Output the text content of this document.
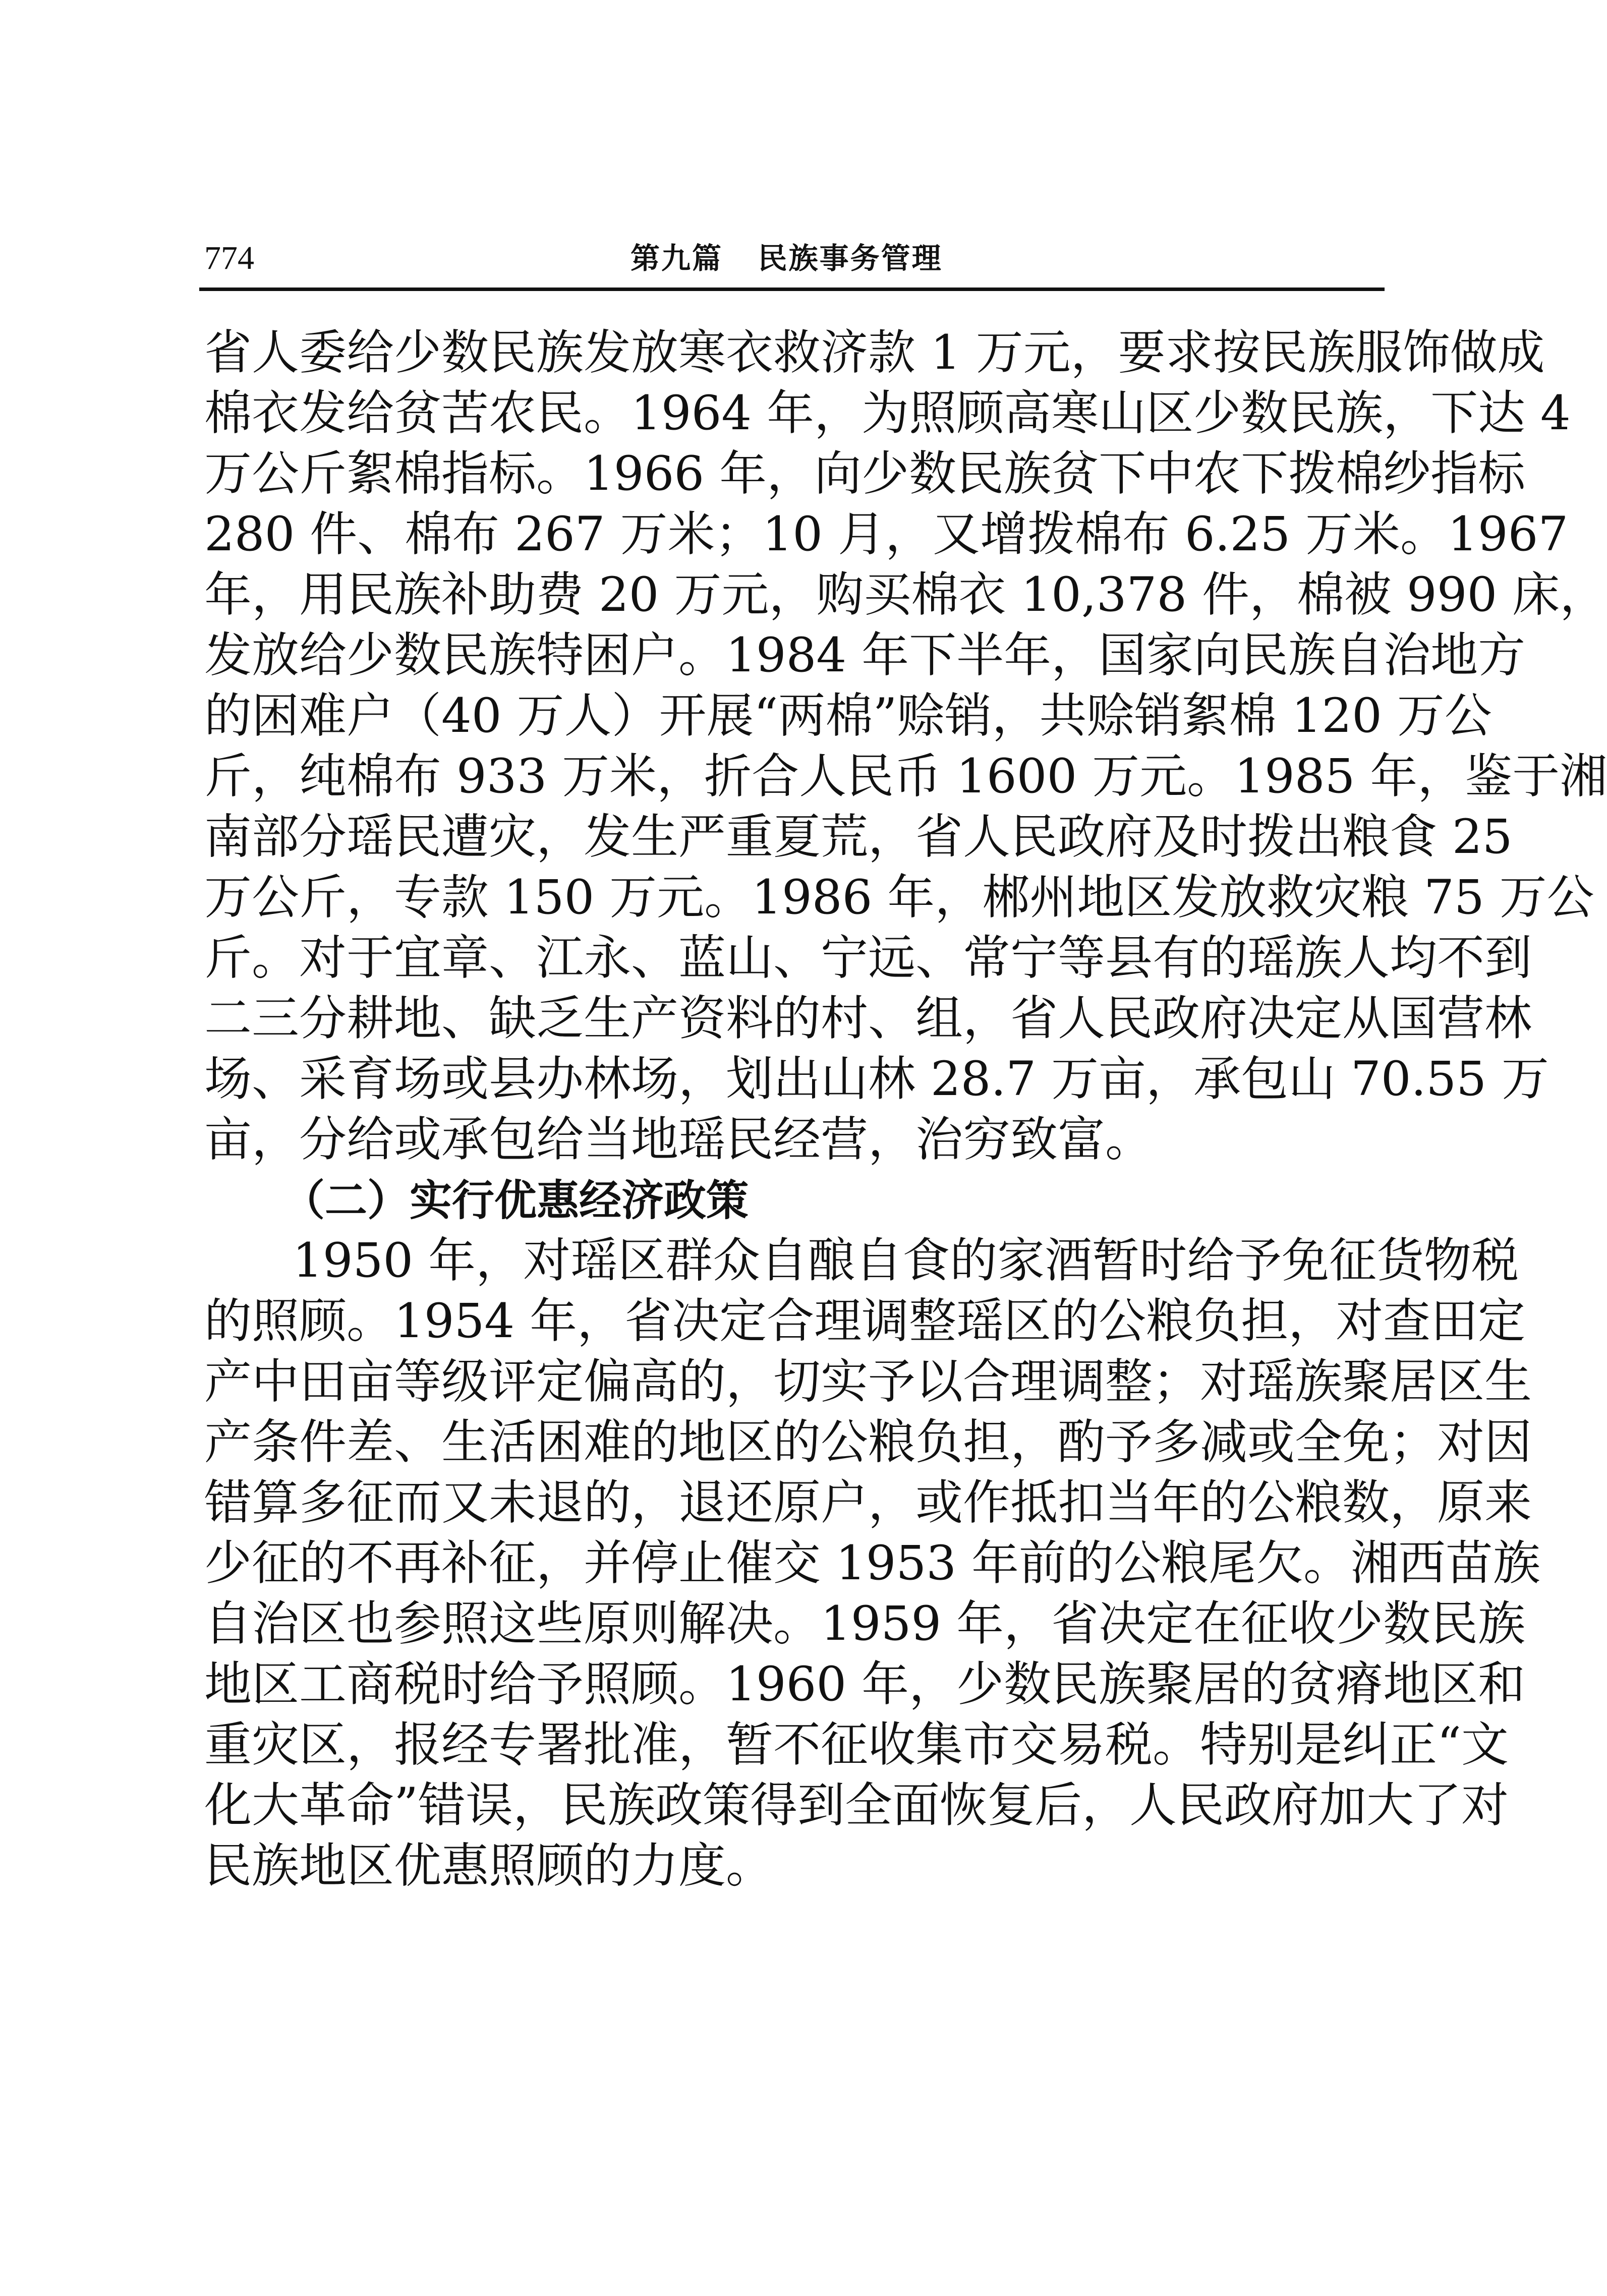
774	第九篇   民族事务管理
省人委给少数民族发放寒衣救济款 1 万元，要求按民族服饰做成
棉衣发给贫苦农民。1964 年，为照顾高寒山区少数民族，下达 4
万公斤絮棉指标。1966 年，向少数民族贫下中农下拨棉纱指标
280 件、棉布 267 万米；10 月，又增拨棉布 6.25 万米。1967
年，用民族补助费 20 万元，购买棉衣 10,378 件，棉被 990 床，
发放给少数民族特困户。1984 年下半年，国家向民族自治地方
的困难户（40 万人）开展“两棉”赊销，共赊销絮棉 120 万公
斤，纯棉布 933 万米，折合人民币 1600 万元。1985 年，鉴于湘
南部分瑶民遭灾，发生严重夏荒，省人民政府及时拨出粮食 25
万公斤，专款 150 万元。1986 年，郴州地区发放救灾粮 75 万公
斤。对于宜章、江永、蓝山、宁远、常宁等县有的瑶族人均不到
二三分耕地、缺乏生产资料的村、组，省人民政府决定从国营林
场、采育场或县办林场，划出山林 28.7 万亩，承包山 70.55 万
亩，分给或承包给当地瑶民经营，治穷致富。
（二）实行优惠经济政策
1950 年，对瑶区群众自酿自食的家酒暂时给予免征货物税
的照顾。1954 年，省决定合理调整瑶区的公粮负担，对查田定
产中田亩等级评定偏高的，切实予以合理调整；对瑶族聚居区生
产条件差、生活困难的地区的公粮负担，酌予多减或全免；对因
错算多征而又未退的，退还原户，或作抵扣当年的公粮数，原来
少征的不再补征，并停止催交 1953 年前的公粮尾欠。湘西苗族
自治区也参照这些原则解决。1959 年，省决定在征收少数民族
地区工商税时给予照顾。1960 年，少数民族聚居的贫瘠地区和
重灾区，报经专署批准，暂不征收集市交易税。特别是纠正“文
化大革命”错误，民族政策得到全面恢复后，人民政府加大了对
民族地区优惠照顾的力度。
